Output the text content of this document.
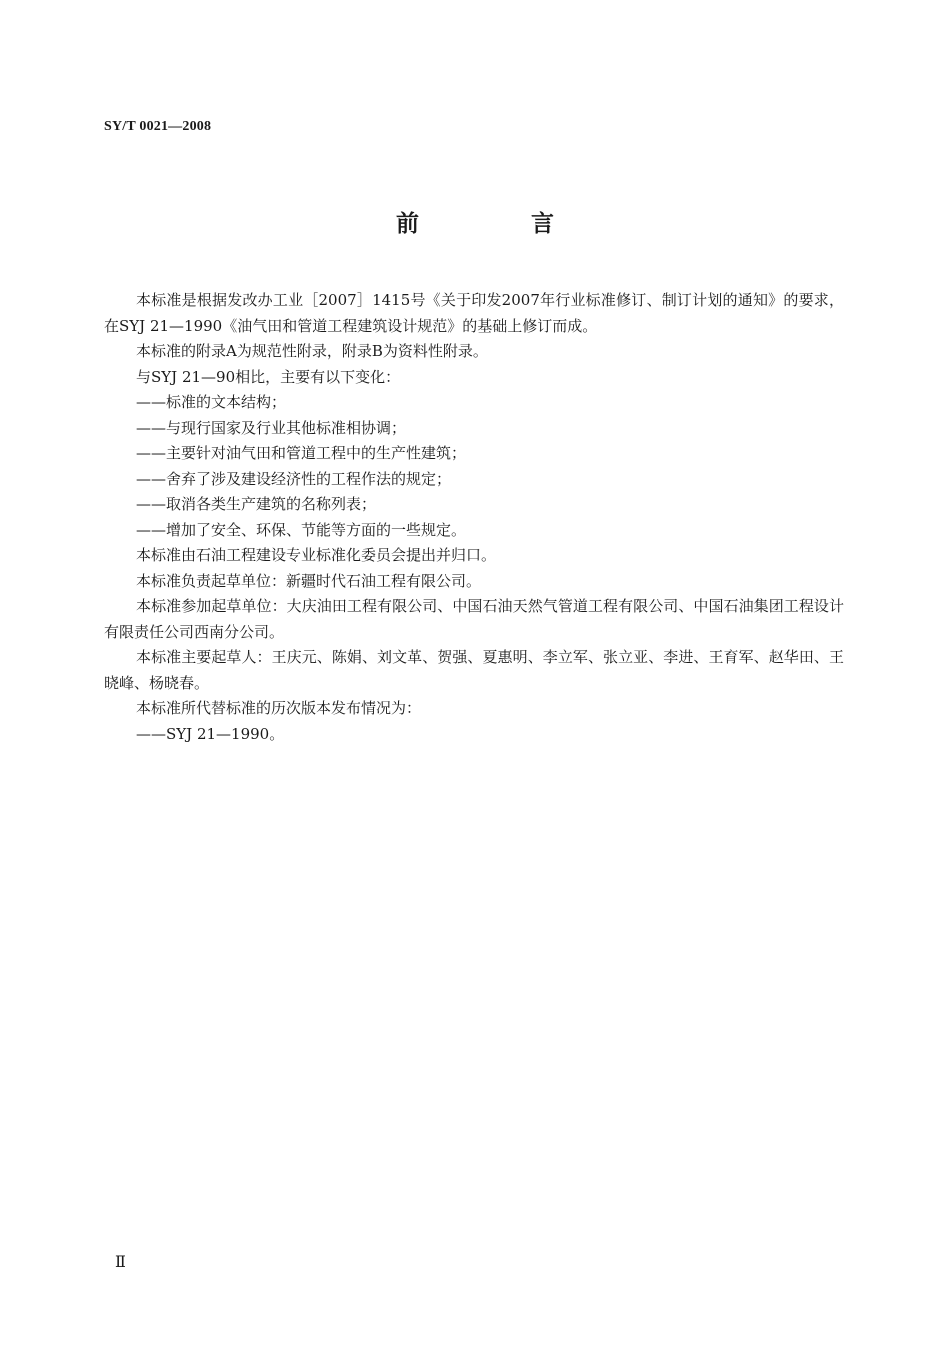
SY/T 0021—2008
前 言

本标准是根据发改办工业［2007］1415号《关于印发2007年行业标准修订、制订计划的通知》的要求，在SYJ 21—1990《油气田和管道工程建筑设计规范》的基础上修订而成。

本标准的附录A为规范性附录，附录B为资料性附录。

与SYJ 21—90相比，主要有以下变化：

——标准的文本结构；

——与现行国家及行业其他标准相协调；

——主要针对油气田和管道工程中的生产性建筑；

——舍弃了涉及建设经济性的工程作法的规定；

——取消各类生产建筑的名称列表；

——增加了安全、环保、节能等方面的一些规定。

本标准由石油工程建设专业标准化委员会提出并归口。

本标准负责起草单位：新疆时代石油工程有限公司。

本标准参加起草单位：大庆油田工程有限公司、中国石油天然气管道工程有限公司、中国石油集团工程设计有限责任公司西南分公司。

本标准主要起草人：王庆元、陈娟、刘文革、贺强、夏惠明、李立军、张立亚、李进、王育军、赵华田、王晓峰、杨晓春。

本标准所代替标准的历次版本发布情况为：

——SYJ 21—1990。

Ⅱ
